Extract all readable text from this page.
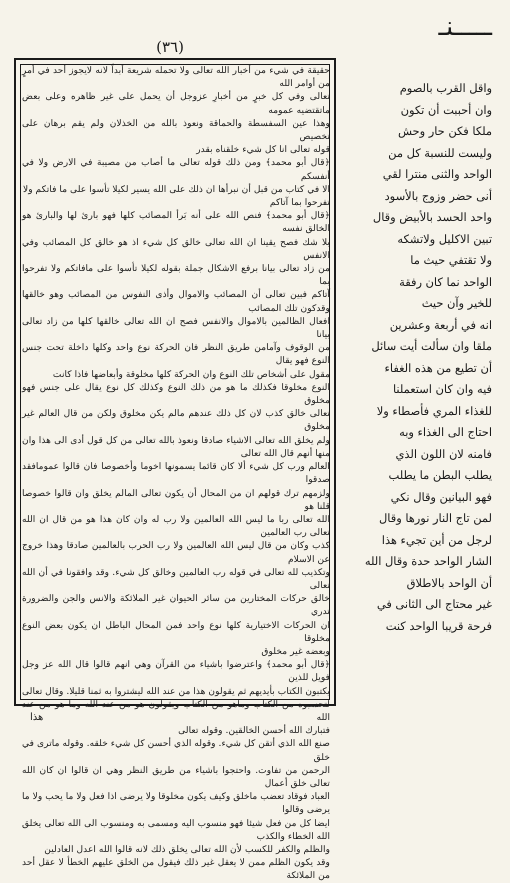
ـــــنـ
(٣٦)
حقيقة في شيء من أخبار الله تعالى ولا تحمله شريعة أبداً لانه لايجوز أحد في أمرٍ من أوامر الله
تعالى وفي كل خبرٍ من أخبارِ عزوجل أن يحمل على غير ظاهره وعلى بعض ماتقتضيه عمومه
وهذا عين السفسطة والحماقة ونعوذ بالله من الخذلان ولم يقم برهان على تخصيص
قوله تعالى انا كل شيء خلقناه بقدر
﴿قال أبو محمد﴾ ومن ذلك قوله تعالى ما أصاب من مصيبة في الارض ولا في أنفسكم
الا في كتاب من قبل أن نبرأها ان ذلك على الله يسير لكيلا تأسوا على ما فاتكم ولا
تفرحوا بما آتاكم
﴿قال أبو محمد﴾ فنص الله على أنه بَرأ المصائب كلها فهو بارئ لها والبارئ هو الخالق نفسه
بلا شك فصح يقينا ان الله تعالى خالق كل شيء اذ هو خالق كل المصائب وفي الانفس
من زاد تعالى بيانا برفع الاشكال جملة بقوله لكيلا تأسوا على مافاتكم ولا تفرحوا بما
آتاكم فبين تعالى أن المصائب والاموال وأذى النفوس من المصائب وهو خالقها وقدكون تلك المصائب
افعال الظالمين بالاموال والانفس فصح ان الله تعالى خالقها كلها من زاد تعالى بيانا
من الوقوف وآمامن طريق النظر فان الحركة نوع واحد وكلها داخلة تحت جنس النوع فهو يقال
مقول على أشخاص تلك النوع وان الحركة كلها مخلوقة وأبعاضها فاذا كانت
النوع مخلوقا فكذلك ما هو من ذلك النوع وكذلك كل نوع يقال على جنس فهو مخلوق
تعالى خالق كذب لان كل ذلك عندهم مالم يكن مخلوق ولكن من قال العالم غير مخلوق
ولم يخلق الله تعالى الاشياء صادقا ونعوذ بالله تعالى من كل قول أدى الى هذا وان منها أنهم قال الله تعالى
العالم ورب كل شيء ألا كان قائما يسمونها اخوما وأخصوصا فان قالوا عمومافقد صدقوا
ولزمهم ترك قولهم ان من المحال أن يكون تعالى المالم يخلق وان قالوا خصوصا قلنا هو
الله تعالى ربا ما ليس الله العالمين ولا رب له وان كان هذا هو من قال ان الله تعالى رب العالمين
كذب وكان من قال ليس الله العالمين ولا رب الحرب بالعالمين صادقا وهذا خروج عن الاسلام
وتكذيب لله تعالى في قوله رب العالمين وخالق كل شيء. وقد وافقونا في أن الله تعالى
خالق حركات المختارين من سائر الحيوان غير الملائكة والانس والجن والضرورة تدري
ان الحركات الاختيارية كلها نوع واحد فمن المحال الباطل ان يكون بعض النوع مخلوقا
وبعضه غير مخلوق
﴿قال أبو محمد﴾ واعترضوا باشياء من القرآن وهي انهم قالوا قال الله عز وجل فويل للذين
يكتبون الكتاب بأيديهم ثم يقولون هذا من عند الله ليشتروا به ثمنا قليلا. وقال تعالى
لتحسبوه من الكتاب وماهو من الكتاب ويقولون هو من عند الله وما هو من عند الله
فتبارك الله أحسن الخالقين. وقوله تعالى
صنع الله الذي أتقن كل شيء. وقوله الذي أحسن كل شيء خلقه. وقوله ماترى في خلق
الرحمن من تفاوت. واحتجوا باشياء من طريق النظر وهي ان قالوا ان كان الله تعالى خلق أعمال
العباد فوقاد تعضب ماخلق وكيف يكون مخلوقا ولا يرضى اذا فعل ولا ما يحب ولا ما يرضى وقالوا
ايضا كل من فعل شيئا فهو منسوب اليه ومسمى به ومنسوب الى الله تعالى يخلق الله الخطاء والكذب
والظلم والكفر للكسب لأن الله تعالى يخلق ذلك لانه قالوا الله اعدل العادلين
وقد يكون الظلم ممن لا يعقل غير ذلك فيقول من الخلق عليهم الخطأ لا عقل أحد من الملائكة
واقل القرب بالصوم
وان أحببت أن تكون
ملكا فكن حار وحش
وليست للنسبة كل من
الواحد والثنى منترا لقي
أنى حضر وزوج بالأسود
واحد الحسد بالأبيض وقال
تبين الاكليل ولاتشكه
ولا تقتفي حيث ما
الواحد نما كان رفقة
للخير وآن حيث
انه في أربعة وعشرين
ملقا وان سألت أيت سائل
أن تطيع من هذه الغفاء
فيه وان كان استعملنا
للغذاء المري فأصطاء ولا
احتاج الى الغذاء وبه
فامنه لان اللون الذي
يطلب البطن ما يطلب
فهو البيانين وقال نكي
لمن تاج النار نورها وقال
لرجل من أين تجيء هذا
الشار الواحد حدة وقال الله
أن الواحد بالاطلاق
غير محتاج الى الثانى في
فرحة قريبا الواحد كنت
هذا
